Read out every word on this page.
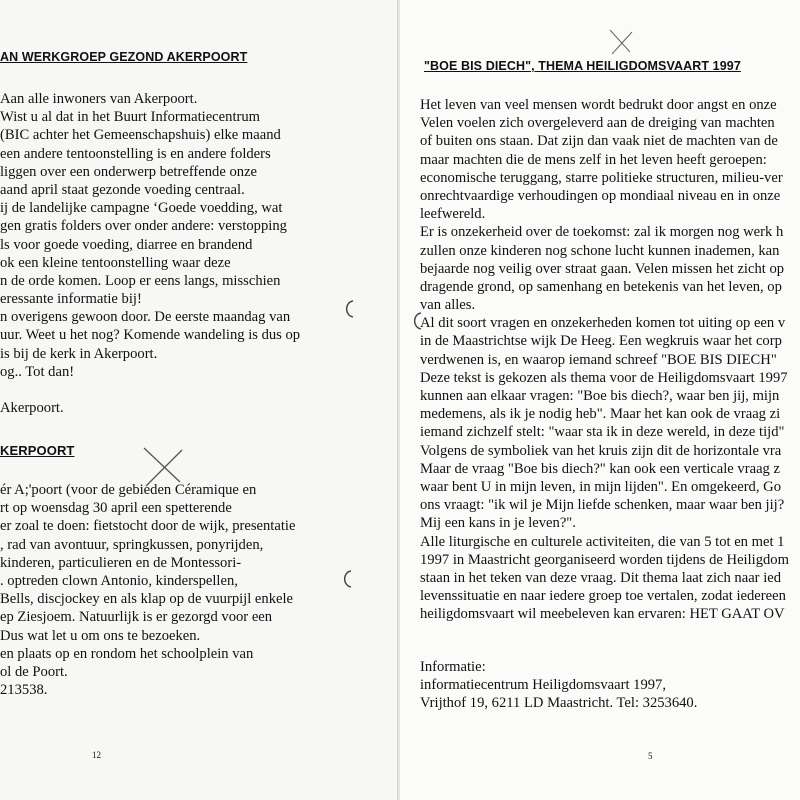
AN WERKGROEP GEZOND AKERPOORT
Aan alle inwoners van Akerpoort.
Wist u al dat in het Buurt Informatiecentrum
(BIC achter het Gemeenschapshuis) elke maand
een andere tentoonstelling is en andere folders
liggen over een onderwerp betreffende onze
aand april staat gezonde voeding centraal.
ij de landelijke campagne ‘Goede voedding, wat
gen gratis folders over onder andere: verstopping
ls voor goede voeding, diarree en brandend
ok een kleine tentoonstelling waar deze
n de orde komen. Loop er eens langs, misschien
eressante informatie bij!
n overigens gewoon door. De eerste maandag van
uur. Weet u het nog? Komende wandeling is dus op
is bij de kerk in Akerpoort.
og.. Tot dan!
Akerpoort.
KERPOORT
ér A;'poort (voor de gebieden Céramique en
rt op woensdag 30 april een spetterende
er zoal te doen: fietstocht door de wijk, presentatie
, rad van avontuur, springkussen, ponyrijden,
kinderen, particulieren en de Montessori-
. optreden clown Antonio, kinderspellen,
Bells, discjockey en als klap op de vuurpijl enkele
ep Ziesjoem. Natuurlijk is er gezorgd voor een
Dus wat let u om ons te bezoeken.
en plaats op en rondom het schoolplein van
ol de Poort.
213538.
12
"BOE BIS DIECH", THEMA HEILIGDOMSVAART 1997
Het leven van veel mensen wordt bedrukt door angst en onze
Velen voelen zich overgeleverd aan de dreiging van machten
of buiten ons staan. Dat zijn dan vaak niet de machten van de
maar machten die de mens zelf in het leven heeft geroepen:
economische teruggang, starre politieke structuren, milieu-ver
onrechtvaardige verhoudingen op mondiaal niveau en in onze
leefwereld.
Er is onzekerheid over de toekomst: zal ik morgen nog werk h
zullen onze kinderen nog schone lucht kunnen inademen, kan
bejaarde nog veilig over straat gaan. Velen missen het zicht op
dragende grond, op samenhang en betekenis van het leven, op
van alles.
Al dit soort vragen en onzekerheden komen tot uiting op een v
in de Maastrichtse wijk De Heeg. Een wegkruis waar het corp
verdwenen is, en waarop iemand schreef "BOE BIS DIECH"
Deze tekst is gekozen als thema voor de Heiligdomsvaart 1997
kunnen aan elkaar vragen: "Boe bis diech?, waar ben jij, mijn
medemens, als ik je nodig heb". Maar het kan ook de vraag zi
iemand zichzelf stelt: "waar sta ik in deze wereld, in deze tijd"
Volgens de symboliek van het kruis zijn dit de horizontale vra
Maar de vraag "Boe bis diech?" kan ook een verticale vraag z
waar bent U in mijn leven, in mijn lijden". En omgekeerd, Go
ons vraagt: "ik wil je Mijn liefde schenken, maar waar ben jij?
Mij een kans in je leven?".
Alle liturgische en culturele activiteiten, die van 5 tot en met 1
1997 in Maastricht georganiseerd worden tijdens de Heiligdom
staan in het teken van deze vraag. Dit thema laat zich naar ied
levenssituatie en naar iedere groep toe vertalen, zodat iedereen
heiligdomsvaart wil meebeleven kan ervaren: HET GAAT OV
Informatie:
informatiecentrum Heiligdomsvaart 1997,
Vrijthof 19, 6211 LD Maastricht. Tel: 3253640.
5
